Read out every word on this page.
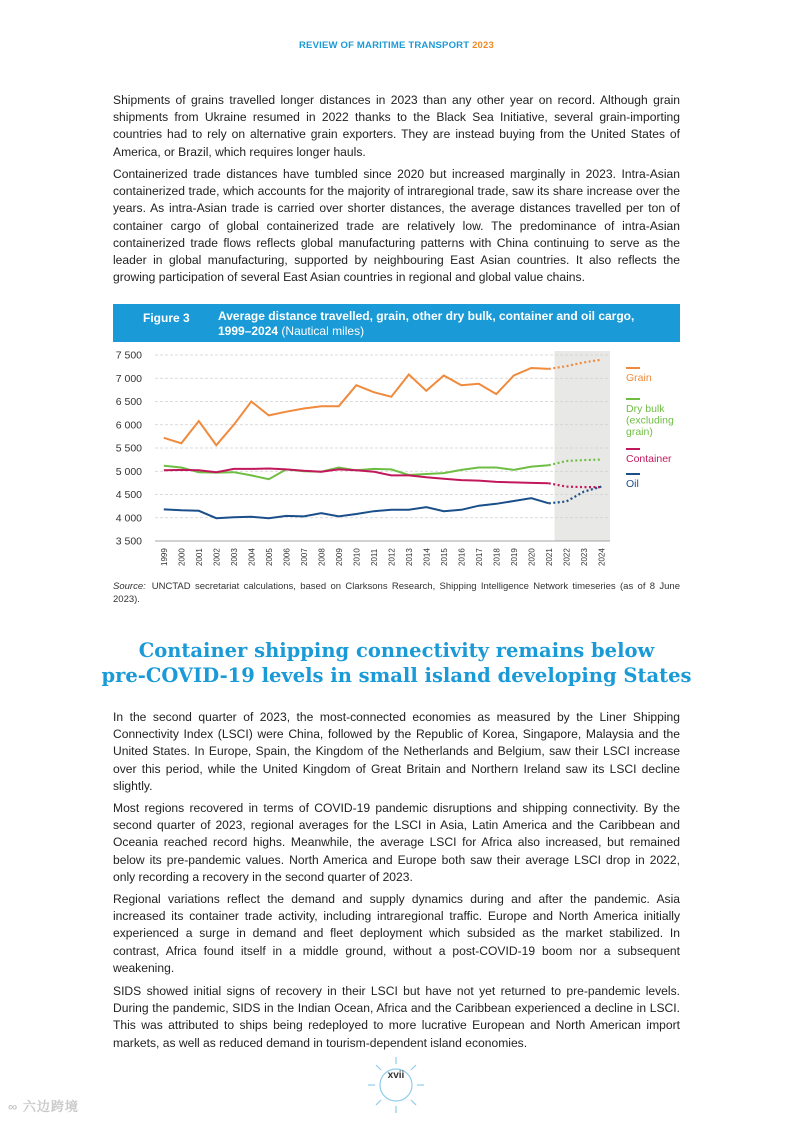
REVIEW OF MARITIME TRANSPORT 2023

Shipments of grains travelled longer distances in 2023 than any other year on record. Although grain shipments from Ukraine resumed in 2022 thanks to the Black Sea Initiative, several grain-importing countries had to rely on alternative grain exporters. They are instead buying from the United States of America, or Brazil, which requires longer hauls.

Containerized trade distances have tumbled since 2020 but increased marginally in 2023. Intra-Asian containerized trade, which accounts for the majority of intraregional trade, saw its share increase over the years. As intra-Asian trade is carried over shorter distances, the average distances travelled per ton of container cargo of global containerized trade are relatively low. The predominance of intra-Asian containerized trade flows reflects global manufacturing patterns with China continuing to serve as the leader in global manufacturing, supported by neighbouring East Asian countries. It also reflects the growing participation of several East Asian countries in regional and global value chains.

Figure 3 Average distance travelled, grain, other dry bulk, container and oil cargo, 1999–2024 (Nautical miles)
3 500
4 000
4 500
5 000
5 500
6 000
6 500
7 000
7 500
1999 2000 2001 2002 2003 2004 2005 2006 2007 2008 2009 2010 2011 2012 2013 2014 2015 2016 2017 2018 2019 2020 2021 2022 2023 2024
Grain
Dry bulk (excluding grain)
Container
Oil
Source: UNCTAD secretariat calculations, based on Clarksons Research, Shipping Intelligence Network timeseries (as of 8 June 2023).
Container shipping connectivity remains below
pre-COVID-19 levels in small island developing States

In the second quarter of 2023, the most-connected economies as measured by the Liner Shipping Connectivity Index (LSCI) were China, followed by the Republic of Korea, Singapore, Malaysia and the United States. In Europe, Spain, the Kingdom of the Netherlands and Belgium, saw their LSCI increase over this period, while the United Kingdom of Great Britain and Northern Ireland saw its LSCI decline slightly.

Most regions recovered in terms of COVID-19 pandemic disruptions and shipping connectivity. By the second quarter of 2023, regional averages for the LSCI in Asia, Latin America and the Caribbean and Oceania reached record highs. Meanwhile, the average LSCI for Africa also increased, but remained below its pre-pandemic values. North America and Europe both saw their average LSCI drop in 2022, only recording a recovery in the second quarter of 2023.

Regional variations reflect the demand and supply dynamics during and after the pandemic. Asia increased its container trade activity, including intraregional traffic. Europe and North America initially experienced a surge in demand and fleet deployment which subsided as the market stabilized. In contrast, Africa found itself in a middle ground, without a post-COVID-19 boom nor a subsequent weakening.

SIDS showed initial signs of recovery in their LSCI but have not yet returned to pre-pandemic levels. During the pandemic, SIDS in the Indian Ocean, Africa and the Caribbean experienced a decline in LSCI. This was attributed to ships being redeployed to more lucrative European and North American import markets, as well as reduced demand in tourism-dependent island economies.

xvii
∞ 六边跨境
